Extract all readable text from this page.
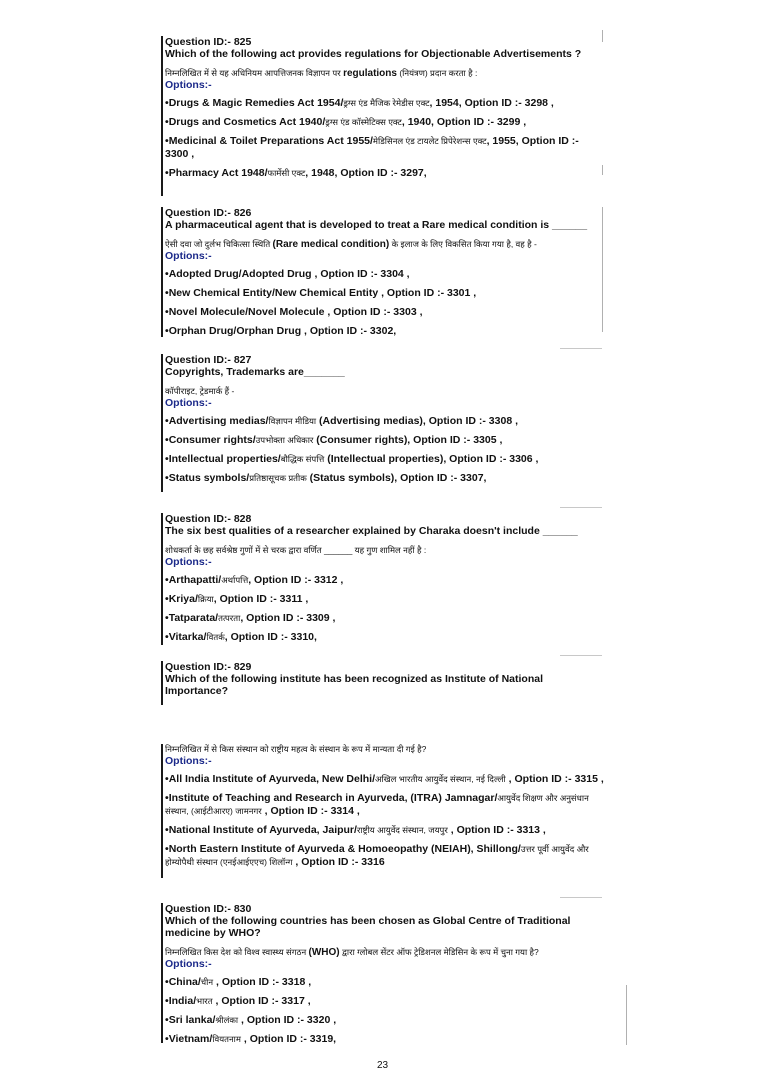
Question ID:- 825
Which of the following act provides regulations for Objectionable Advertisements ?
निम्नलिखित में से यह अधिनियम आपत्तिजनक विज्ञापन पर regulations (नियंत्रण) प्रदान करता है :
Options:-
•Drugs & Magic Remedies Act 1954/ड्रग्स एंड मैजिक रेमेडीस एक्ट, 1954, Option ID :- 3298 ,
•Drugs and Cosmetics Act 1940/ड्रग्स एंड कॉस्मेटिक्स एक्ट, 1940, Option ID :- 3299 ,
•Medicinal & Toilet Preparations Act 1955/मेडिसिनल एंड टायलेट प्रिपेरेशन्स एक्ट, 1955, Option ID :- 3300 ,
•Pharmacy Act 1948/फार्मेसी एक्ट, 1948, Option ID :- 3297,
Question ID:- 826
A pharmaceutical agent that is developed to treat a Rare medical condition is ______
ऐसी दवा जो दुर्लभ चिकित्सा स्थिति (Rare medical condition) के इलाज के लिए विकसित किया गया है, वह है -
Options:-
•Adopted Drug/Adopted Drug , Option ID :- 3304 ,
•New Chemical Entity/New Chemical Entity , Option ID :- 3301 ,
•Novel Molecule/Novel Molecule , Option ID :- 3303 ,
•Orphan Drug/Orphan Drug , Option ID :- 3302,
Question ID:- 827
Copyrights, Trademarks are_______
कॉपीराइट, ट्रेडमार्क हैं -
Options:-
•Advertising medias/विज्ञापन मीडिया (Advertising medias), Option ID :- 3308 ,
•Consumer rights/उपभोक्ता अधिकार (Consumer rights), Option ID :- 3305 ,
•Intellectual properties/बौद्धिक संपत्ति (Intellectual properties), Option ID :- 3306 ,
•Status symbols/प्रतिष्ठासूचक प्रतीक (Status symbols), Option ID :- 3307,
Question ID:- 828
The six best qualities of a researcher explained by Charaka doesn't include ______
शोधकर्ता के छह सर्वश्रेष्ठ गुणों में से चरक द्वारा वर्णित ______ यह गुण शामिल नहीं है :
Options:-
•Arthapatti/अर्थापत्ति, Option ID :- 3312 ,
•Kriya/क्रिया, Option ID :- 3311 ,
•Tatparata/तत्परता, Option ID :- 3309 ,
•Vitarka/वितर्क, Option ID :- 3310,
Question ID:- 829
Which of the following institute has been recognized as Institute of National Importance?
निम्नलिखित में से किस संस्थान को राष्ट्रीय महत्व के संस्थान के रूप में मान्यता दी गई है?
Options:-
•All India Institute of Ayurveda, New Delhi/अखिल भारतीय आयुर्वेद संस्थान, नई दिल्ली , Option ID :- 3315 ,
•Institute of Teaching and Research in Ayurveda, (ITRA) Jamnagar/आयुर्वेद शिक्षण और अनुसंधान संस्थान, (आईटीआरए) जामनगर , Option ID :- 3314 ,
•National Institute of Ayurveda, Jaipur/राष्ट्रीय आयुर्वेद संस्थान, जयपुर , Option ID :- 3313 ,
•North Eastern Institute of Ayurveda & Homoeopathy (NEIAH), Shillong/उत्तर पूर्वी आयुर्वेद और होम्योपैथी संस्थान (एनईआईएएच) शिलॉन्ग , Option ID :- 3316
Question ID:- 830
Which of the following countries has been chosen as Global Centre of Traditional medicine by WHO?
निम्नलिखित किस देश को विश्व स्वास्थ्य संगठन (WHO) द्वारा ग्लोबल सेंटर ऑफ ट्रेडिशनल मेडिसिन के रूप में चुना गया है?
Options:-
•China/चीन , Option ID :- 3318 ,
•India/भारत , Option ID :- 3317 ,
•Sri lanka/श्रीलंका , Option ID :- 3320 ,
•Vietnam/वियतनाम , Option ID :- 3319,
23
